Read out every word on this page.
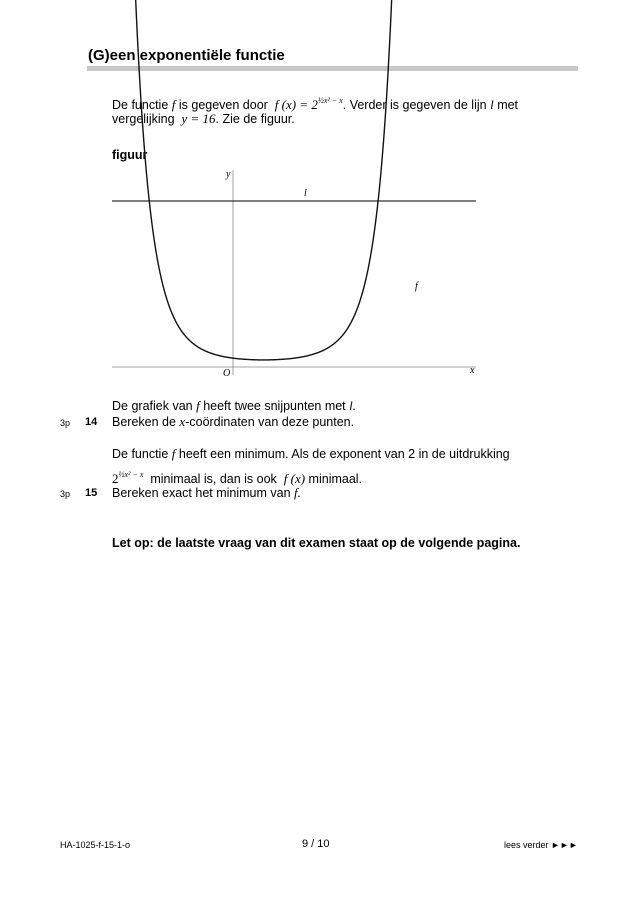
(G)een exponentiële functie
De functie f is gegeven door f $(x) = 2^{\frac{1}{2}x^2 - x}$. Verder is gegeven de lijn l met
vergelijking y = 16. Zie de figuur.
figuur
y
x
O
l
f
De grafiek van f heeft twee snijpunten met l.
3p 14 Bereken de x-coördinaten van deze punten.
De functie f heeft een minimum. Als de exponent van 2 in de uitdrukking
$2^{\frac{1}{2}x^2 - x}$ minimaal is, dan is ook f (x) minimaal.
3p 15 Bereken exact het minimum van f.
Let op: de laatste vraag van dit examen staat op de volgende pagina.
HA-1025-f-15-1-o	9 / 10	lees verder ►►►
